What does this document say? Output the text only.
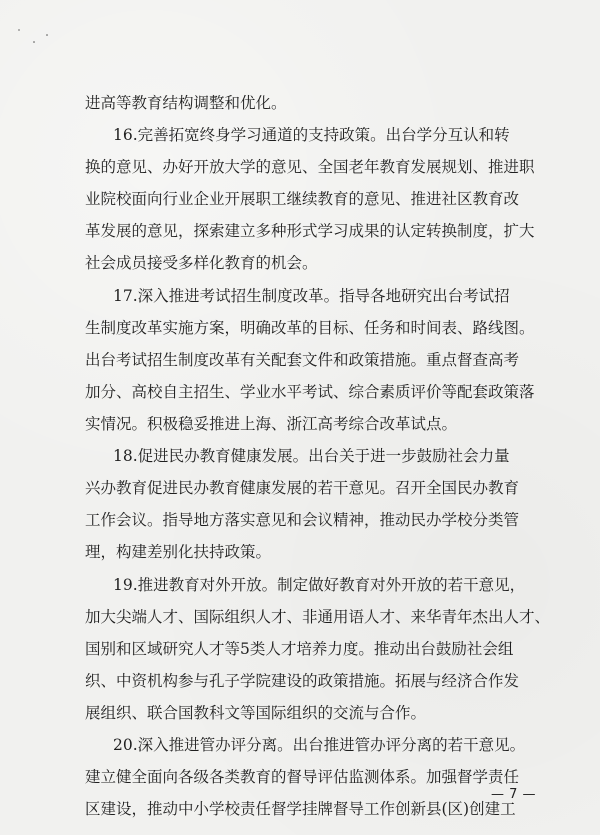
进高等教育结构调整和优化。
16.完善拓宽终身学习通道的支持政策。出台学分互认和转
换的意见、办好开放大学的意见、全国老年教育发展规划、推进职
业院校面向行业企业开展职工继续教育的意见、推进社区教育改
革发展的意见，探索建立多种形式学习成果的认定转换制度，扩大
社会成员接受多样化教育的机会。
17.深入推进考试招生制度改革。指导各地研究出台考试招
生制度改革实施方案，明确改革的目标、任务和时间表、路线图。
出台考试招生制度改革有关配套文件和政策措施。重点督查高考
加分、高校自主招生、学业水平考试、综合素质评价等配套政策落
实情况。积极稳妥推进上海、浙江高考综合改革试点。
18.促进民办教育健康发展。出台关于进一步鼓励社会力量
兴办教育促进民办教育健康发展的若干意见。召开全国民办教育
工作会议。指导地方落实意见和会议精神，推动民办学校分类管
理，构建差别化扶持政策。
19.推进教育对外开放。制定做好教育对外开放的若干意见，
加大尖端人才、国际组织人才、非通用语人才、来华青年杰出人才、
国别和区域研究人才等5类人才培养力度。推动出台鼓励社会组
织、中资机构参与孔子学院建设的政策措施。拓展与经济合作发
展组织、联合国教科文等国际组织的交流与合作。
20.深入推进管办评分离。出台推进管办评分离的若干意见。
建立健全面向各级各类教育的督导评估监测体系。加强督学责任
区建设，推动中小学校责任督学挂牌督导工作创新县(区)创建工
— 7 —
